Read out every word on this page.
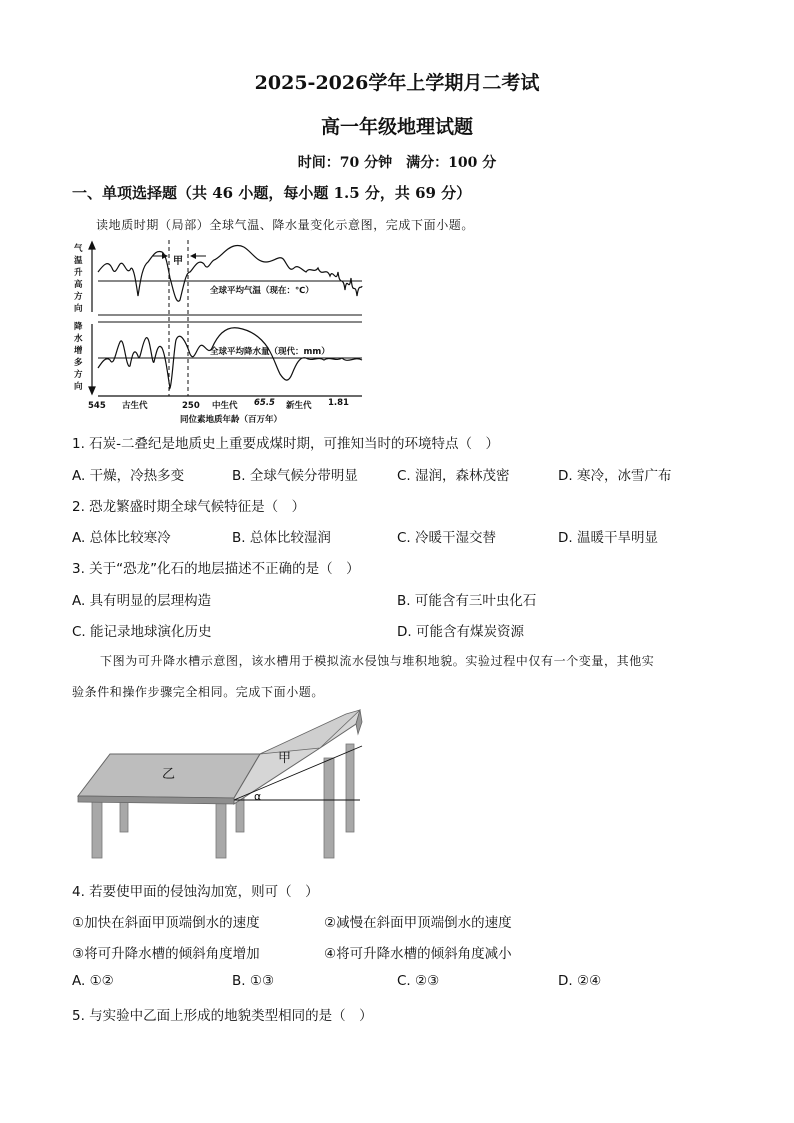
2025-2026学年上学期月二考试
高一年级地理试题
时间：70 分钟　满分：100 分
一、单项选择题（共 46 小题，每小题 1.5 分，共 69 分）
读地质时期（局部）全球气温、降水量变化示意图，完成下面小题。
气
温
升
高
方
向
降
水
增
多
方
向
全球平均气温（现在：℃）
全球平均降水量（现代：mm）
甲
545 古生代	250 中生代 65.5 新生代 1.81
同位素地质年龄（百万年）
1. 石炭-二叠纪是地质史上重要成煤时期，可推知当时的环境特点（　）
A. 干燥，冷热多变	B. 全球气候分带明显	C. 湿润，森林茂密	D. 寒冷，冰雪广布
2. 恐龙繁盛时期全球气候特征是（　）
A. 总体比较寒冷	B. 总体比较湿润	C. 冷暖干湿交替	D. 温暖干旱明显
3. 关于“恐龙”化石的地层描述不正确的是（　）
A. 具有明显的层理构造	B. 可能含有三叶虫化石
C. 能记录地球演化历史	D. 可能含有煤炭资源
下图为可升降水槽示意图，该水槽用于模拟流水侵蚀与堆积地貌。实验过程中仅有一个变量，其他实
验条件和操作步骤完全相同。完成下面小题。
乙
甲
α
4. 若要使甲面的侵蚀沟加宽，则可（　）
①加快在斜面甲顶端倒水的速度	②减慢在斜面甲顶端倒水的速度
③将可升降水槽的倾斜角度增加	④将可升降水槽的倾斜角度减小
A. ①②	B. ①③	C. ②③	D. ②④
5. 与实验中乙面上形成的地貌类型相同的是（　）
